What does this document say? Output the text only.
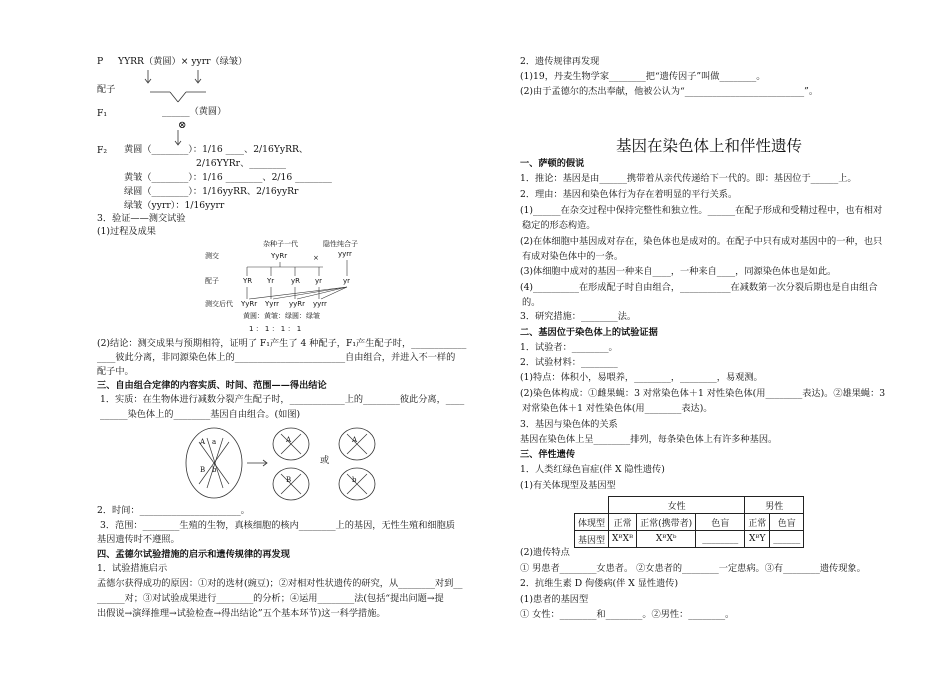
P YYRR（黄圆）× yyrr（绿皱）
配子
F₁	______（黄圆）
⊗
F₂ 黄圆（________）：1/16 ____、2/16YyRR、
2/16YYRr、________
黄皱（________）：1/16 ________、2/16 ________
绿圆（________）：1/16yyRR、2/16yyRr
绿皱（yyrr）：1/16yyrr
3．验证——测交试验
(1)过程及成果
杂种子一代	隐性纯合子
测交	YyRr	×	yyrr
配子	YR Yr yR yr	yr
测交后代 YyRr Yyrr yyRr yyrr
黄圆：黄皱：绿圆：绿皱
1 ： 1 ： 1 ： 1
(2)结论：测交成果与预期相符，证明了 F₁产生了 4 种配子，F₁产生配子时，____________
____彼此分离，非同源染色体上的________________________自由组合，并进入不一样的
配子中。
三、自由组合定律的内容实质、时间、范围——得出结论
1．实质：在生物体进行减数分裂产生配子时，____________上的________彼此分离，____
______染色体上的________基因自由组合。(如图)
A a
B b
A
B
A
b
或
2．时间：______________________。
3．范围：________生殖的生物，真核细胞的核内________上的基因，无性生殖和细胞质
基因遗传时不遵照。
四、孟德尔试验措施的启示和遗传规律的再发现
1．试验措施启示
孟德尔获得成功的原因：①对的选材(豌豆)；②对相对性状遗传的研究，从________对到__
______对；③对试验成果进行________的分析；④运用________法(包括“提出问题→提
出假说→演绎推理→试验检查→得出结论”五个基本环节)这一科学措施。
2．遗传规律再发现
(1)19，丹麦生物学家________把“遗传因子”叫做________。
(2)由于孟德尔的杰出奉献，他被公认为“__________________________”。
基因在染色体上和伴性遗传
一、萨顿的假说
1．推论：基因是由______携带着从亲代传递给下一代的。即：基因位于______上。
2．理由：基因和染色体行为存在着明显的平行关系。
(1)______在杂交过程中保持完整性和独立性。______在配子形成和受精过程中，也有相对
稳定的形态构造。
(2)在体细胞中基因成对存在，染色体也是成对的。在配子中只有成对基因中的一种，也只
有成对染色体中的一条。
(3)体细胞中成对的基因一种来自____，一种来自____，同源染色体也是如此。
(4)__________在形成配子时自由组合，___________在减数第一次分裂后期也是自由组合
的。
3．研究措施：________法。
二、基因位于染色体上的试验证据
1．试验者：________。
2．试验材料：________
(1)特点：体积小，易喂养，________，________，易观测。
(2)染色体构成：①雌果蝇：3 对常染色体＋1 对性染色体(用________表达)。②雄果蝇：3
对常染色体＋1 对性染色体(用________表达)。
3．基因与染色体的关系
基因在染色体上呈________排列，每条染色体上有许多种基因。
三、伴性遗传
1．人类红绿色盲症(伴 X 隐性遗传)
(1)有关体现型及基因型
	女性			男性	
体现型	正常	正常(携带者)	色盲	正常	色盲
基因型	XᴮXᴮ	XᴮXᵇ	________	XᴮY	______
(2)遗传特点
① 男患者________女患者。 ②女患者的________一定患病。③有________遗传现象。
2．抗维生素 D 佝偻病(伴 X 显性遗传)
(1)患者的基因型
① 女性：________和________。②男性：________。
